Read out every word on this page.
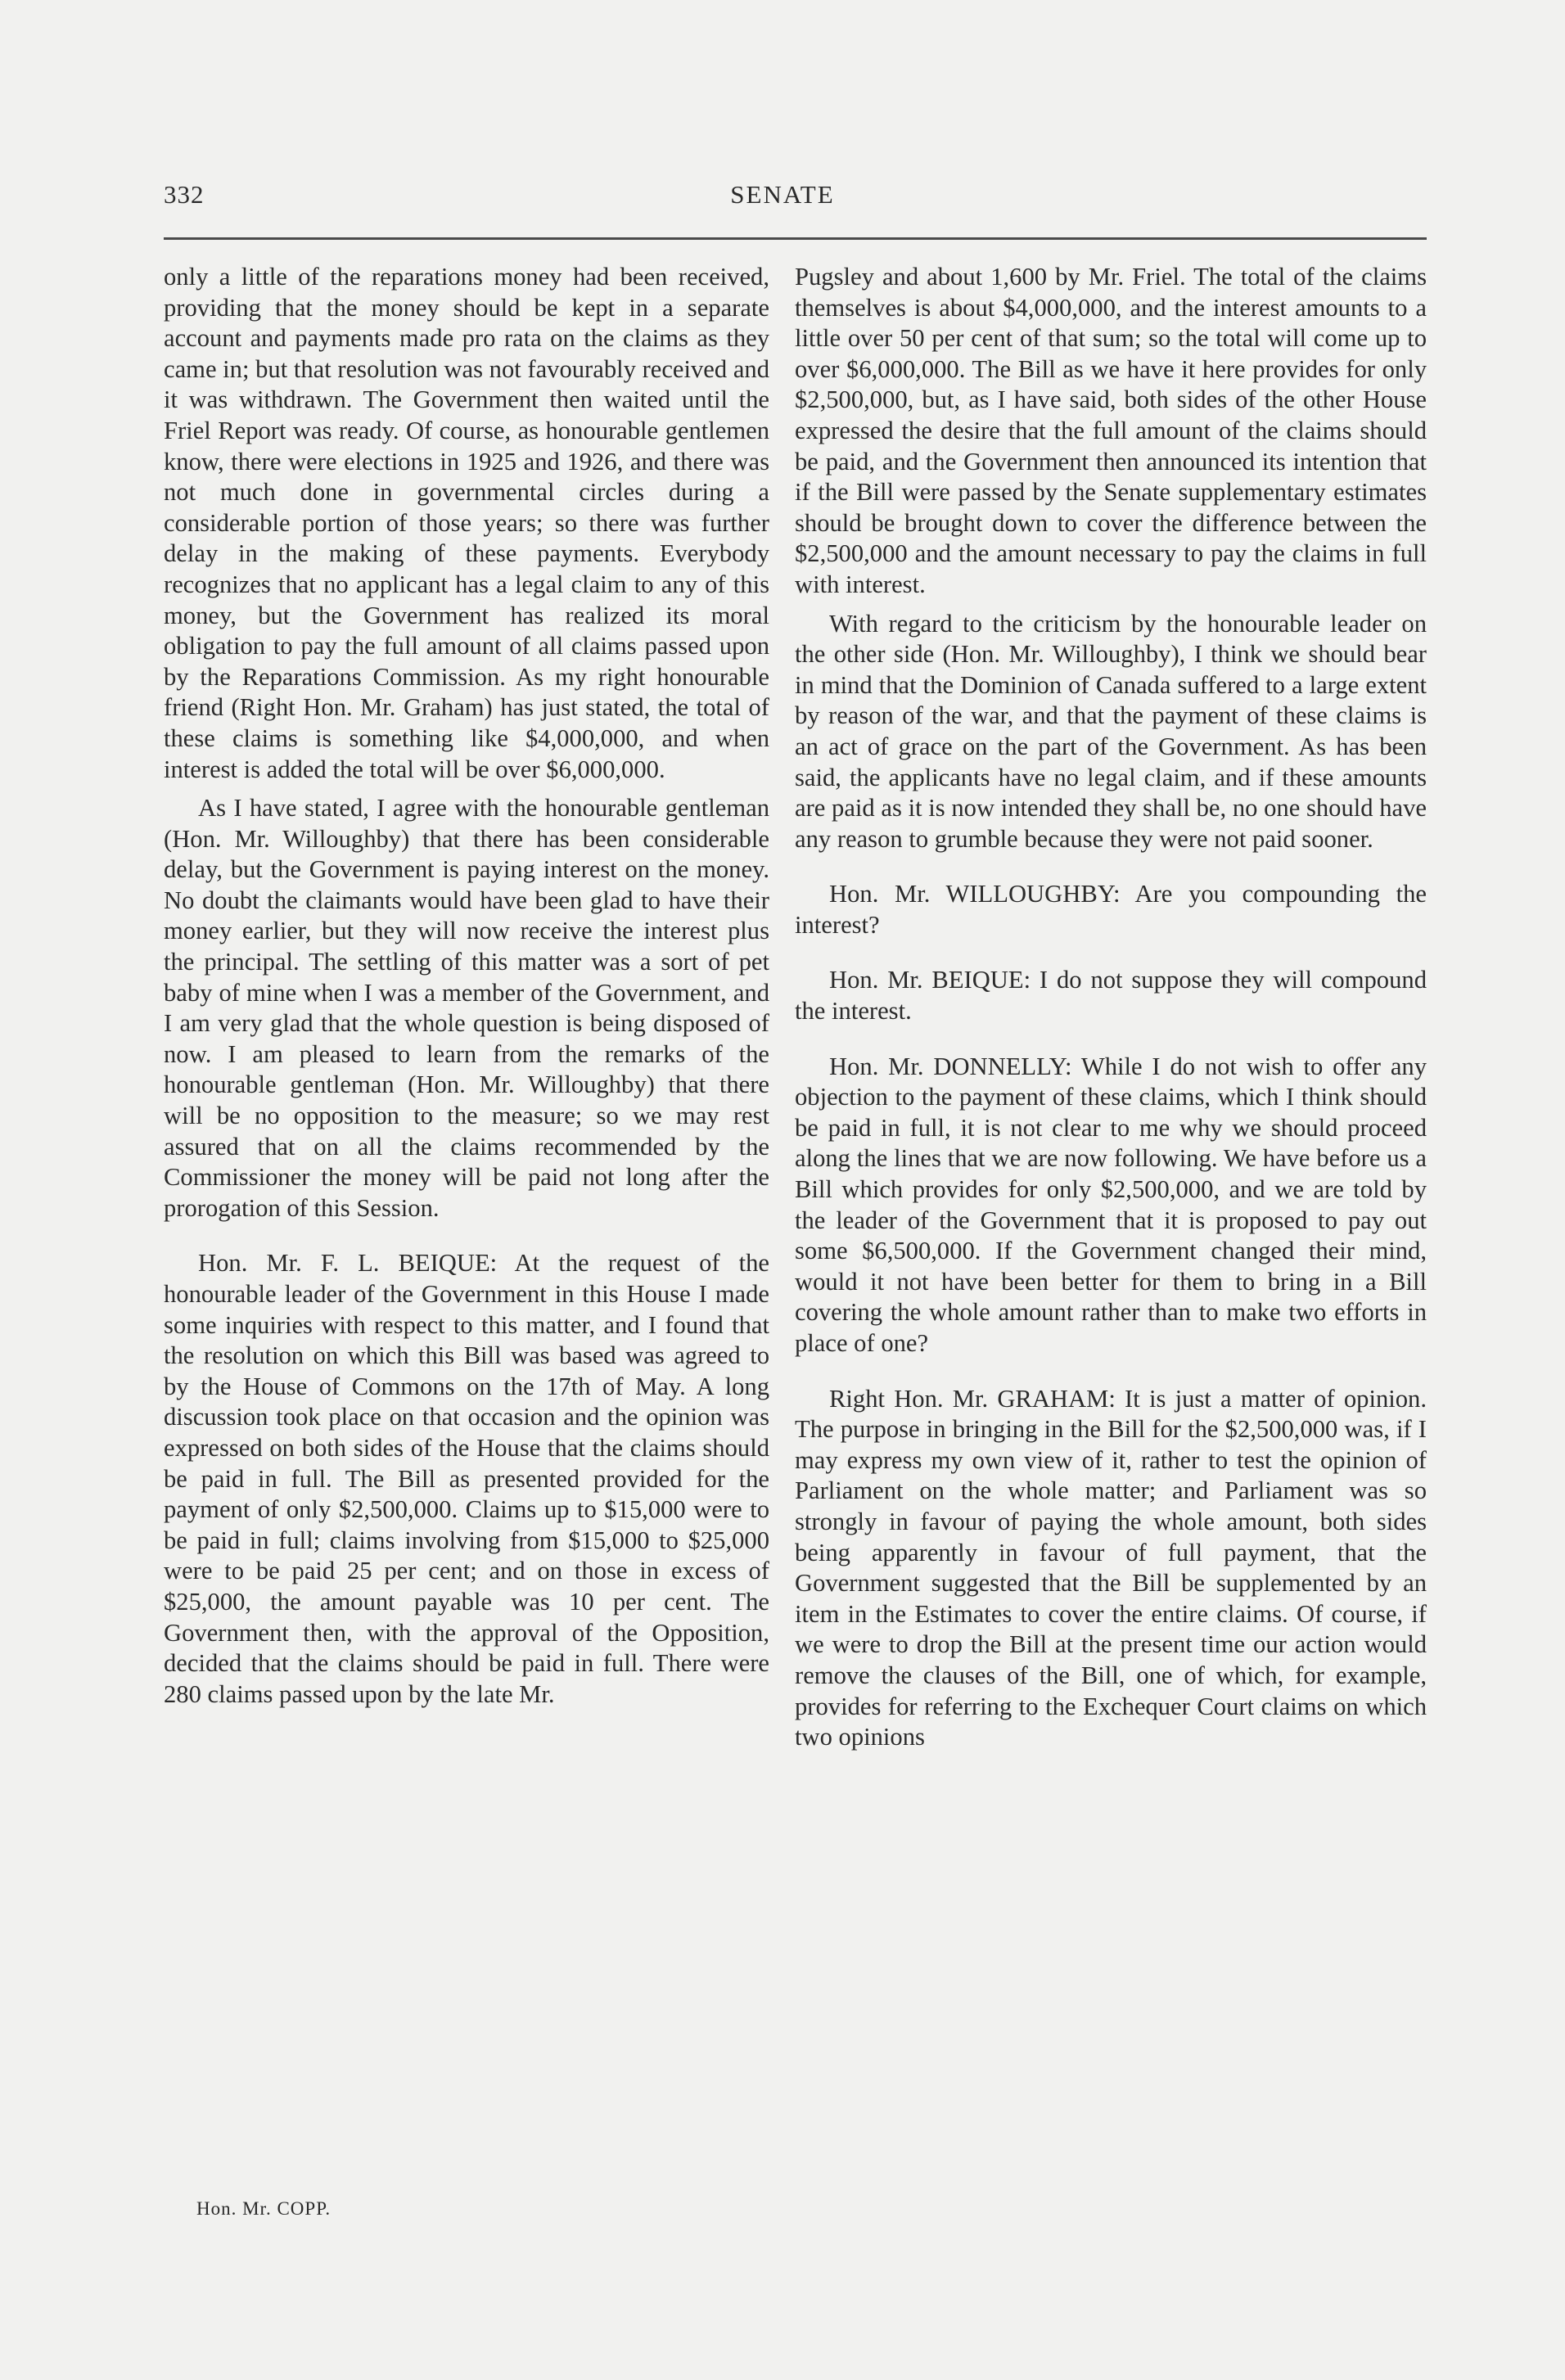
332	SENATE

only a little of the reparations money had been received, providing that the money should be kept in a separate account and payments made pro rata on the claims as they came in; but that resolution was not favourably received and it was withdrawn. The Government then waited until the Friel Report was ready. Of course, as honourable gentlemen know, there were elections in 1925 and 1926, and there was not much done in governmental circles during a considerable portion of those years; so there was further delay in the making of these payments. Everybody recognizes that no applicant has a legal claim to any of this money, but the Government has realized its moral obligation to pay the full amount of all claims passed upon by the Reparations Commission. As my right honourable friend (Right Hon. Mr. Graham) has just stated, the total of these claims is something like $4,000,000, and when interest is added the total will be over $6,000,000.

As I have stated, I agree with the honourable gentleman (Hon. Mr. Willoughby) that there has been considerable delay, but the Government is paying interest on the money. No doubt the claimants would have been glad to have their money earlier, but they will now receive the interest plus the principal. The settling of this matter was a sort of pet baby of mine when I was a member of the Government, and I am very glad that the whole question is being disposed of now. I am pleased to learn from the remarks of the honourable gentleman (Hon. Mr. Willoughby) that there will be no opposition to the measure; so we may rest assured that on all the claims recommended by the Commissioner the money will be paid not long after the prorogation of this Session.

Hon. Mr. F. L. BEIQUE: At the request of the honourable leader of the Government in this House I made some inquiries with respect to this matter, and I found that the resolution on which this Bill was based was agreed to by the House of Commons on the 17th of May. A long discussion took place on that occasion and the opinion was expressed on both sides of the House that the claims should be paid in full. The Bill as presented provided for the payment of only $2,500,000. Claims up to $15,000 were to be paid in full; claims involving from $15,000 to $25,000 were to be paid 25 per cent; and on those in excess of $25,000, the amount payable was 10 per cent. The Government then, with the approval of the Opposition, decided that the claims should be paid in full. There were 280 claims passed upon by the late Mr.

Pugsley and about 1,600 by Mr. Friel. The total of the claims themselves is about $4,000,000, and the interest amounts to a little over 50 per cent of that sum; so the total will come up to over $6,000,000. The Bill as we have it here provides for only $2,500,000, but, as I have said, both sides of the other House expressed the desire that the full amount of the claims should be paid, and the Government then announced its intention that if the Bill were passed by the Senate supplementary estimates should be brought down to cover the difference between the $2,500,000 and the amount necessary to pay the claims in full with interest.

With regard to the criticism by the honourable leader on the other side (Hon. Mr. Willoughby), I think we should bear in mind that the Dominion of Canada suffered to a large extent by reason of the war, and that the payment of these claims is an act of grace on the part of the Government. As has been said, the applicants have no legal claim, and if these amounts are paid as it is now intended they shall be, no one should have any reason to grumble because they were not paid sooner.

Hon. Mr. WILLOUGHBY: Are you compounding the interest?

Hon. Mr. BEIQUE: I do not suppose they will compound the interest.

Hon. Mr. DONNELLY: While I do not wish to offer any objection to the payment of these claims, which I think should be paid in full, it is not clear to me why we should proceed along the lines that we are now following. We have before us a Bill which provides for only $2,500,000, and we are told by the leader of the Government that it is proposed to pay out some $6,500,000. If the Government changed their mind, would it not have been better for them to bring in a Bill covering the whole amount rather than to make two efforts in place of one?

Right Hon. Mr. GRAHAM: It is just a matter of opinion. The purpose in bringing in the Bill for the $2,500,000 was, if I may express my own view of it, rather to test the opinion of Parliament on the whole matter; and Parliament was so strongly in favour of paying the whole amount, both sides being apparently in favour of full payment, that the Government suggested that the Bill be supplemented by an item in the Estimates to cover the entire claims. Of course, if we were to drop the Bill at the present time our action would remove the clauses of the Bill, one of which, for example, provides for referring to the Exchequer Court claims on which two opinions

Hon. Mr. COPP.
